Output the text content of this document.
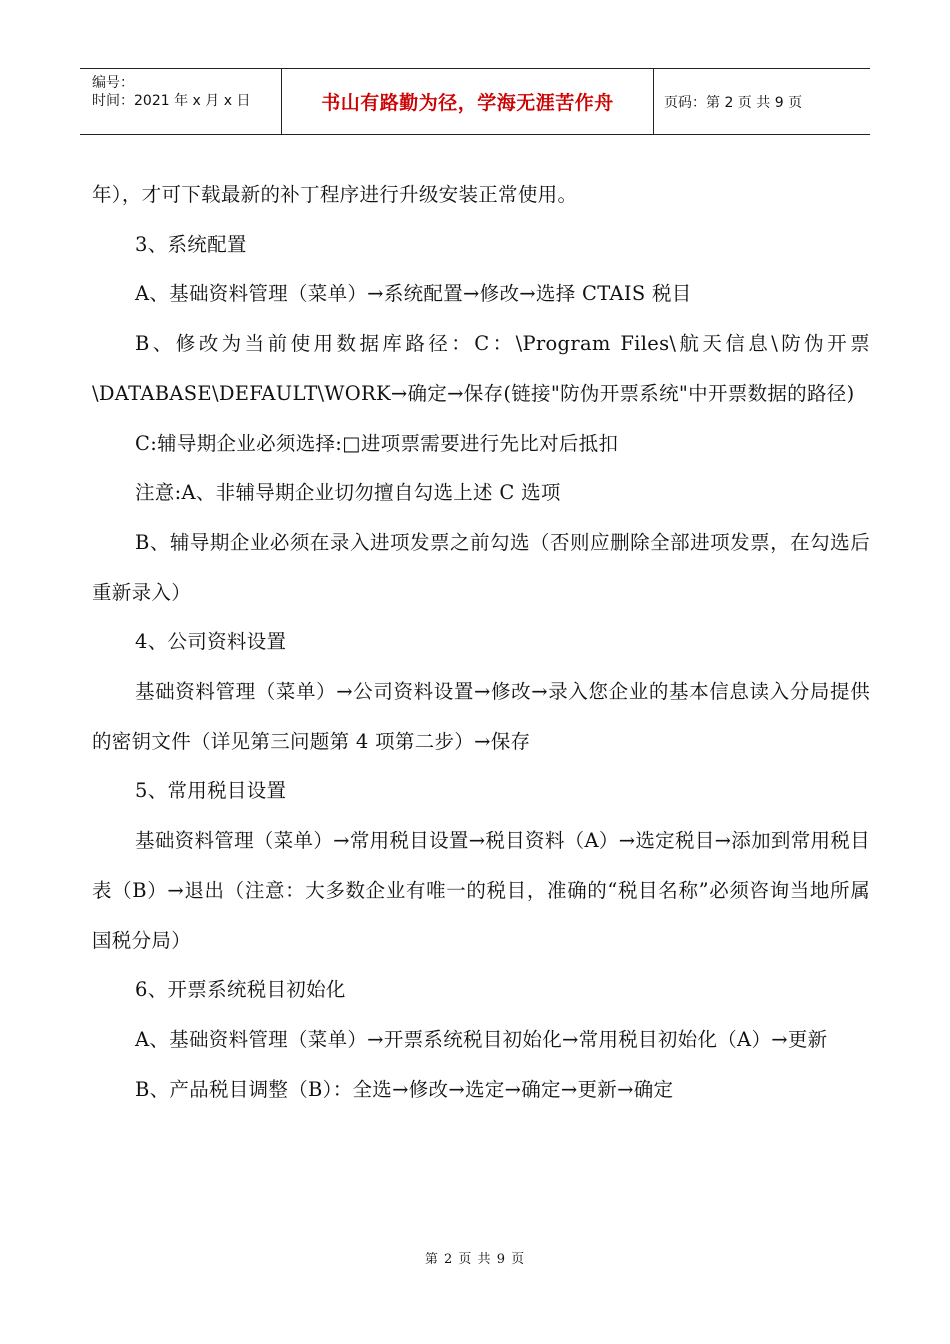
编号：
时间：2021 年 x 月 x 日	书山有路勤为径，学海无涯苦作舟	页码：第 2 页 共 9 页

年），才可下载最新的补丁程序进行升级安装正常使用。

3、系统配置

A、基础资料管理（菜单）→系统配置→修改→选择 CTAIS 税目

B、修改为当前使用数据库路径：C：\Program Files\航天信息\防伪开票\DATABASE\DEFAULT\WORK→确定→保存(链接"防伪开票系统"中开票数据的路径)

C:辅导期企业必须选择:□进项票需要进行先比对后抵扣

注意:A、非辅导期企业切勿擅自勾选上述 C 选项

B、辅导期企业必须在录入进项发票之前勾选（否则应删除全部进项发票，在勾选后重新录入）

4、公司资料设置

基础资料管理（菜单）→公司资料设置→修改→录入您企业的基本信息读入分局提供的密钥文件（详见第三问题第 4 项第二步）→保存

5、常用税目设置

基础资料管理（菜单）→常用税目设置→税目资料（A）→选定税目→添加到常用税目表（B）→退出（注意：大多数企业有唯一的税目，准确的“税目名称”必须咨询当地所属国税分局）

6、开票系统税目初始化

A、基础资料管理（菜单）→开票系统税目初始化→常用税目初始化（A）→更新

B、产品税目调整（B）：全选→修改→选定→确定→更新→确定

第 2 页 共 9 页
